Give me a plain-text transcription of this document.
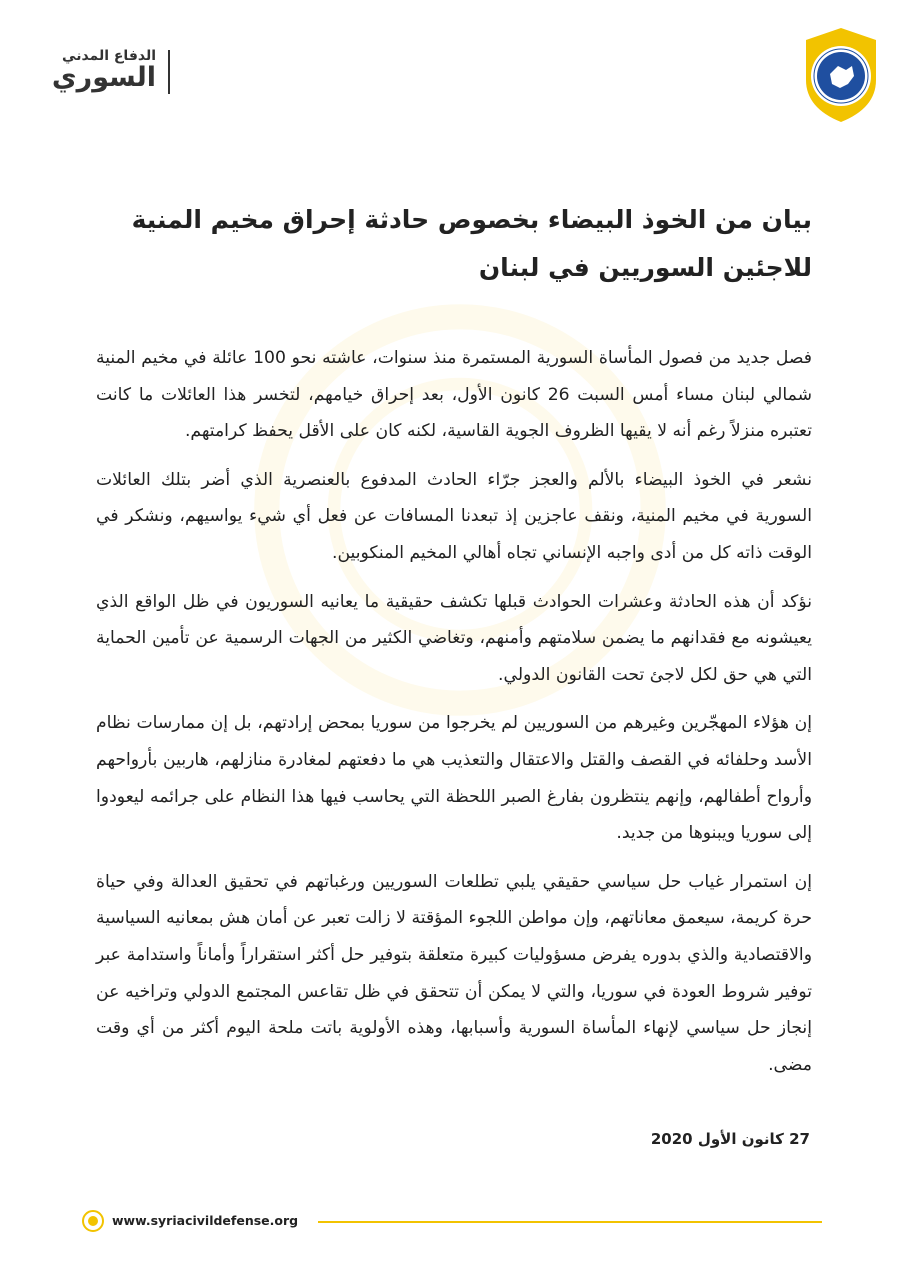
الدفاع المدني
السوري
بيان من الخوذ البيضاء بخصوص حادثة إحراق مخيم المنية للاجئين السوريين في لبنان

فصل جديد من فصول المأساة السورية المستمرة منذ سنوات، عاشته نحو 100 عائلة في مخيم المنية شمالي لبنان مساء أمس السبت 26 كانون الأول، بعد إحراق خيامهم، لتخسر هذا العائلات ما كانت تعتبره منزلاً رغم أنه لا يقيها الظروف الجوية القاسية، لكنه كان على الأقل يحفظ كرامتهم.

نشعر في الخوذ البيضاء بالألم والعجز جرّاء الحادث المدفوع بالعنصرية الذي أضر بتلك العائلات السورية في مخيم المنية، ونقف عاجزين إذ تبعدنا المسافات عن فعل أي شيء يواسيهم، ونشكر في الوقت ذاته كل من أدى واجبه الإنساني تجاه أهالي المخيم المنكوبين.

نؤكد أن هذه الحادثة وعشرات الحوادث قبلها تكشف حقيقية ما يعانيه السوريون في ظل الواقع الذي يعيشونه مع فقدانهم ما يضمن سلامتهم وأمنهم، وتغاضي الكثير من الجهات الرسمية عن تأمين الحماية التي هي حق لكل لاجئ تحت القانون الدولي.

إن هؤلاء المهجّرين وغيرهم من السوريين لم يخرجوا من سوريا بمحض إرادتهم، بل إن ممارسات نظام الأسد وحلفائه في القصف والقتل والاعتقال والتعذيب هي ما دفعتهم لمغادرة منازلهم، هاربين بأرواحهم وأرواح أطفالهم، وإنهم ينتظرون بفارغ الصبر اللحظة التي يحاسب فيها هذا النظام على جرائمه ليعودوا إلى سوريا ويبنوها من جديد.

إن استمرار غياب حل سياسي حقيقي يلبي تطلعات السوريين ورغباتهم في تحقيق العدالة وفي حياة حرة كريمة، سيعمق معاناتهم، وإن مواطن اللجوء المؤقتة لا زالت تعبر عن أمان هش بمعانيه السياسية والاقتصادية والذي بدوره يفرض مسؤوليات كبيرة متعلقة بتوفير حل أكثر استقراراً وأماناً واستدامة عبر توفير شروط العودة في سوريا، والتي لا يمكن أن تتحقق في ظل تقاعس المجتمع الدولي وتراخيه عن إنجاز حل سياسي لإنهاء المأساة السورية وأسبابها، وهذه الأولوية باتت ملحة اليوم أكثر من أي وقت مضى.

27 كانون الأول 2020
www.syriacivildefense.org
